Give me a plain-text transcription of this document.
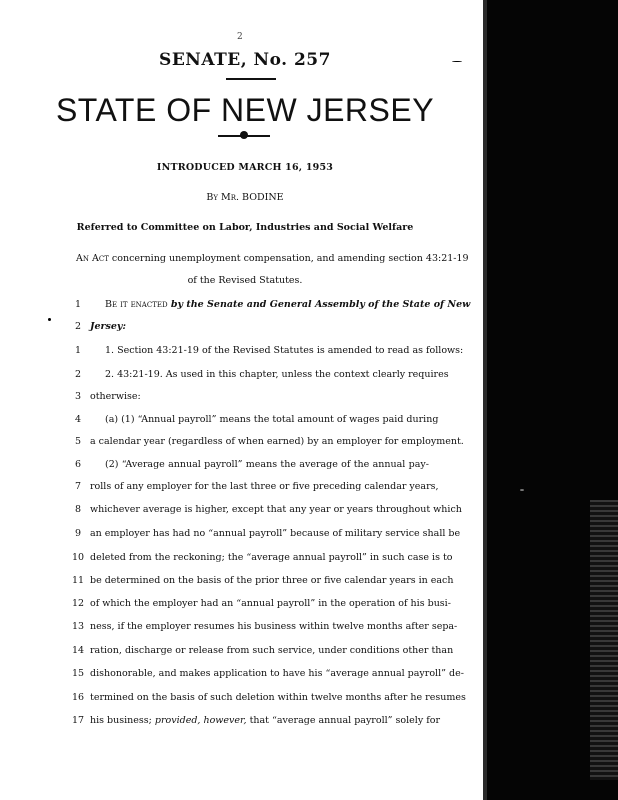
2
SENATE, No. 257
STATE OF NEW JERSEY
INTRODUCED MARCH 16, 1953
By Mr. BODINE
Referred to Committee on Labor, Industries and Social Welfare
An Act concerning unemployment compensation, and amending section 43:21-19
of the Revised Statutes.
1	Be it enacted by the Senate and General Assembly of the State of New
2 Jersey:
1	1. Section 43:21-19 of the Revised Statutes is amended to read as follows:
2	2. 43:21-19. As used in this chapter, unless the context clearly requires
3 otherwise:
4	(a) (1) “Annual payroll” means the total amount of wages paid during
5 a calendar year (regardless of when earned) by an employer for employment.
6	(2) “Average annual payroll” means the average of the annual pay-
7 rolls of any employer for the last three or five preceding calendar years,
8 whichever average is higher, except that any year or years throughout which
9 an employer has had no “annual payroll” because of military service shall be
10 deleted from the reckoning; the “average annual payroll” in such case is to
11 be determined on the basis of the prior three or five calendar years in each
12 of which the employer had an “annual payroll” in the operation of his busi-
13 ness, if the employer resumes his business within twelve months after sepa-
14 ration, discharge or release from such service, under conditions other than
15 dishonorable, and makes application to have his “average annual payroll” de-
16 termined on the basis of such deletion within twelve months after he resumes
17 his business; provided, however, that “average annual payroll” solely for
